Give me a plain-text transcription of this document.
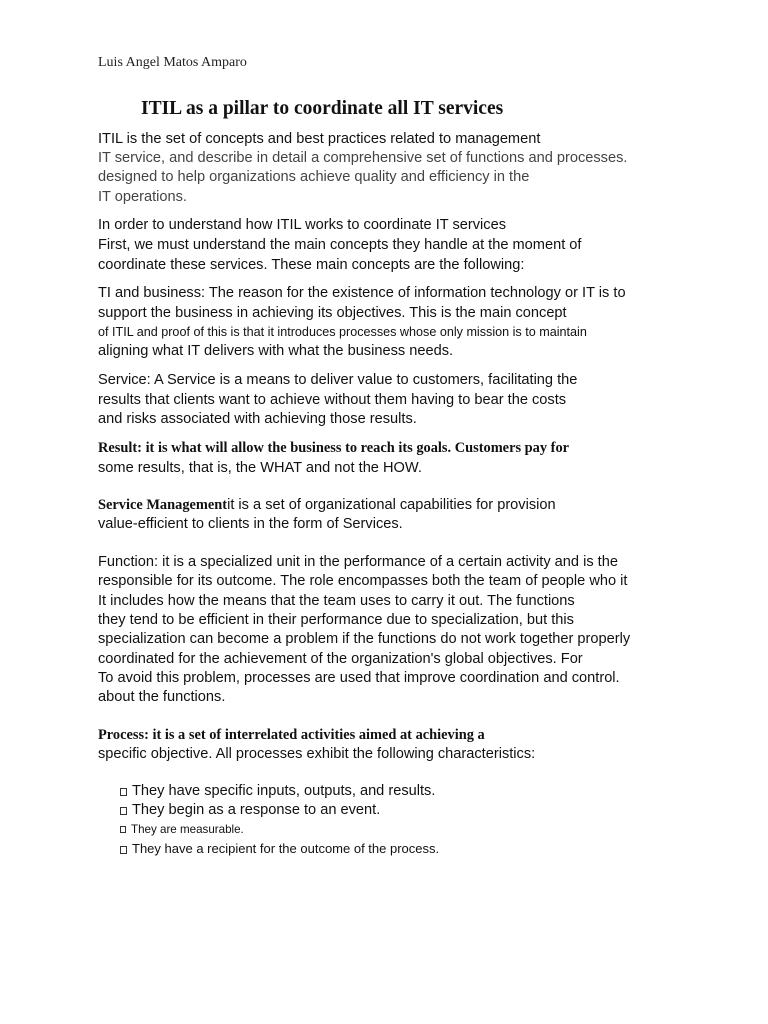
Luis Angel Matos Amparo
ITIL as a pillar to coordinate all IT services
ITIL is the set of concepts and best practices related to management
IT service, and describe in detail a comprehensive set of functions and processes.
designed to help organizations achieve quality and efficiency in the
IT operations.
In order to understand how ITIL works to coordinate IT services
First, we must understand the main concepts they handle at the moment of
coordinate these services. These main concepts are the following:
TI and business: The reason for the existence of information technology or IT is to
support the business in achieving its objectives. This is the main concept
of ITIL and proof of this is that it introduces processes whose only mission is to maintain
aligning what IT delivers with what the business needs.
Service: A Service is a means to deliver value to customers, facilitating the
results that clients want to achieve without them having to bear the costs
and risks associated with achieving those results.
Result: it is what will allow the business to reach its goals. Customers pay for
some results, that is, the WHAT and not the HOW.
Service Managementit is a set of organizational capabilities for provision
value-efficient to clients in the form of Services.
Function: it is a specialized unit in the performance of a certain activity and is the
responsible for its outcome. The role encompasses both the team of people who it
It includes how the means that the team uses to carry it out. The functions
they tend to be efficient in their performance due to specialization, but this
specialization can become a problem if the functions do not work together properly
coordinated for the achievement of the organization's global objectives. For
To avoid this problem, processes are used that improve coordination and control.
about the functions.
Process: it is a set of interrelated activities aimed at achieving a
specific objective. All processes exhibit the following characteristics:
They have specific inputs, outputs, and results.
They begin as a response to an event.
They are measurable.
They have a recipient for the outcome of the process.
